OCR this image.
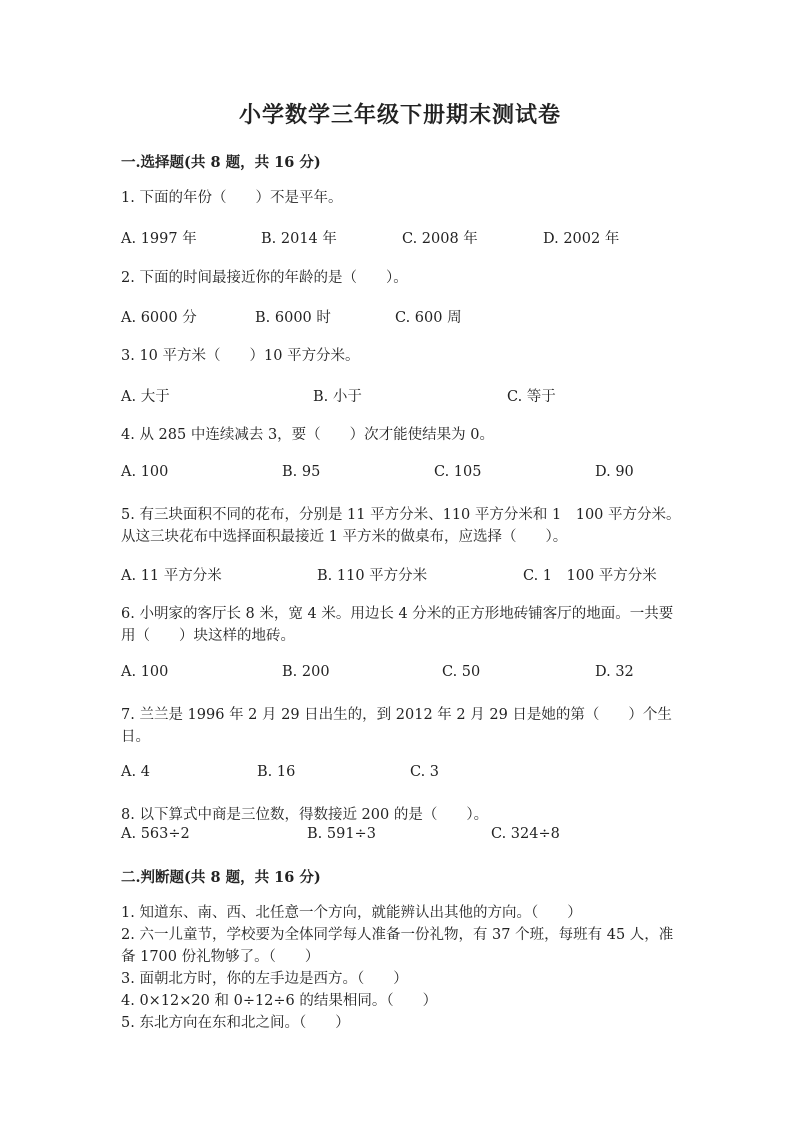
小学数学三年级下册期末测试卷
一.选择题(共 8 题，共 16 分)
1. 下面的年份（　　）不是平年。
A. 1997 年	B. 2014 年	C. 2008 年	D. 2002 年
2. 下面的时间最接近你的年龄的是（　　）。
A. 6000 分	B. 6000 时	C. 600 周
3. 10 平方米（　　）10 平方分米。
A. 大于	B. 小于	C. 等于
4. 从 285 中连续减去 3，要（　　）次才能使结果为 0。
A. 100	B. 95	C. 105	D. 90
5. 有三块面积不同的花布，分别是 11 平方分米、110 平方分米和 1　100 平方分米。从这三块花布中选择面积最接近 1 平方米的做桌布，应选择（　　）。
A. 11 平方分米	B. 110 平方分米	C. 1　100 平方分米
6. 小明家的客厅长 8 米，宽 4 米。用边长 4 分米的正方形地砖铺客厅的地面。一共要用（　　）块这样的地砖。
A. 100	B. 200	C. 50	D. 32
7. 兰兰是 1996 年 2 月 29 日出生的，到 2012 年 2 月 29 日是她的第（　　）个生日。
A. 4	B. 16	C. 3
8. 以下算式中商是三位数，得数接近 200 的是（　　）。
A. 563÷2	B. 591÷3	C. 324÷8
二.判断题(共 8 题，共 16 分)
1. 知道东、南、西、北任意一个方向，就能辨认出其他的方向。（　　）
2. 六一儿童节，学校要为全体同学每人准备一份礼物，有 37 个班，每班有 45 人，准备 1700 份礼物够了。（　　）
3. 面朝北方时，你的左手边是西方。（　　）
4. 0×12×20 和 0÷12÷6 的结果相同。（　　）
5. 东北方向在东和北之间。（　　）
